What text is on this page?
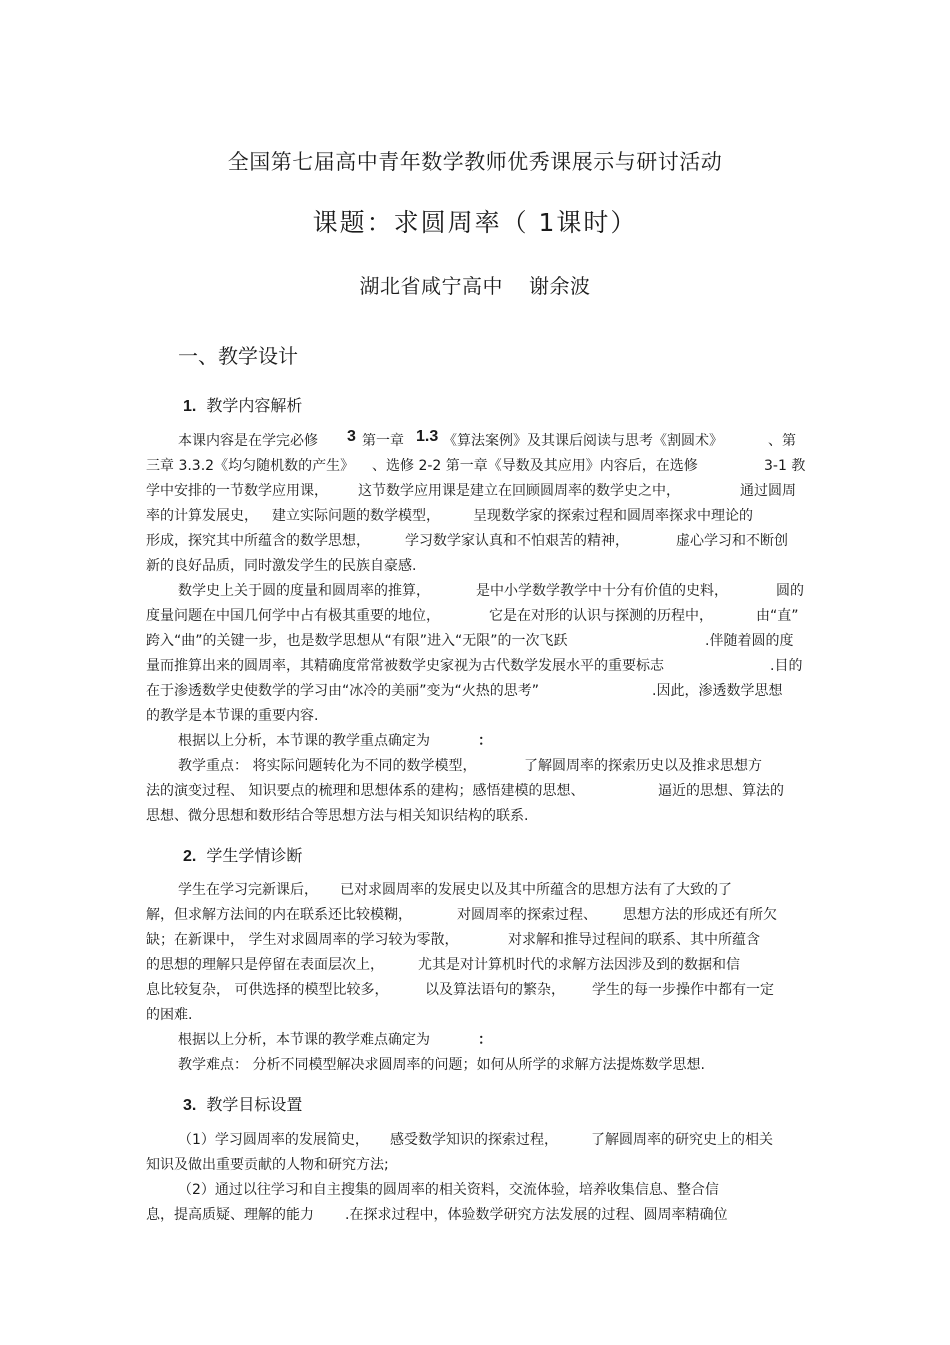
全国第七届高中青年数学教师优秀课展示与研讨活动
课题：求圆周率（ 1课时）
湖北省咸宁高中 谢余波
一、教学设计
1. 教学内容解析
本课内容是在学完必修 3 第一章 1.3 《算法案例》及其课后阅读与思考《割圆术》	、第
三章 3.3.2《均匀随机数的产生》 、选修 2-2 第一章《导数及其应用》内容后，在选修	3-1 教
学中安排的一节数学应用课， 这节数学应用课是建立在回顾圆周率的数学史之中，	通过圆周
率的计算发展史， 建立实际问题的数学模型， 呈现数学家的探索过程和圆周率探求中理论的
形成，探究其中所蕴含的数学思想，	学习数学家认真和不怕艰苦的精神，	虚心学习和不断创
新的良好品质，同时激发学生的民族自豪感.
数学史上关于圆的度量和圆周率的推算，	是中小学数学教学中十分有价值的史料，	圆的
度量问题在中国几何学中占有极其重要的地位，	它是在对形的认识与探测的历程中，	由“直”
跨入“曲”的关键一步，也是数学思想从“有限”进入“无限”的一次飞跃	.伴随着圆的度
量而推算出来的圆周率，其精确度常常被数学史家视为古代数学发展水平的重要标志	.目的
在于渗透数学史使数学的学习由“冰冷的美丽”变为“火热的思考”	.因此，渗透数学思想
的教学是本节课的重要内容.
根据以上分析，本节课的教学重点确定为	：
教学重点： 将实际问题转化为不同的数学模型，	了解圆周率的探索历史以及推求思想方
法的演变过程、 知识要点的梳理和思想体系的建构；感悟建模的思想、	逼近的思想、算法的
思想、微分思想和数形结合等思想方法与相关知识结构的联系.
2. 学生学情诊断
学生在学习完新课后， 已对求圆周率的发展史以及其中所蕴含的思想方法有了大致的了
解，但求解方法间的内在联系还比较模糊，	对圆周率的探索过程、 思想方法的形成还有所欠
缺；在新课中， 学生对求圆周率的学习较为零散，	对求解和推导过程间的联系、其中所蕴含
的思想的理解只是停留在表面层次上， 尤其是对计算机时代的求解方法因涉及到的数据和信
息比较复杂， 可供选择的模型比较多，	以及算法语句的繁杂， 学生的每一步操作中都有一定
的困难.
根据以上分析，本节课的教学难点确定为	：
教学难点： 分析不同模型解决求圆周率的问题；如何从所学的求解方法提炼数学思想.
3. 教学目标设置
（1）学习圆周率的发展简史， 感受数学知识的探索过程， 了解圆周率的研究史上的相关
知识及做出重要贡献的人物和研究方法;
（2）通过以往学习和自主搜集的圆周率的相关资料，交流体验，培养收集信息、整合信
息，提高质疑、理解的能力 .在探求过程中，体验数学研究方法发展的过程、圆周率精确位
